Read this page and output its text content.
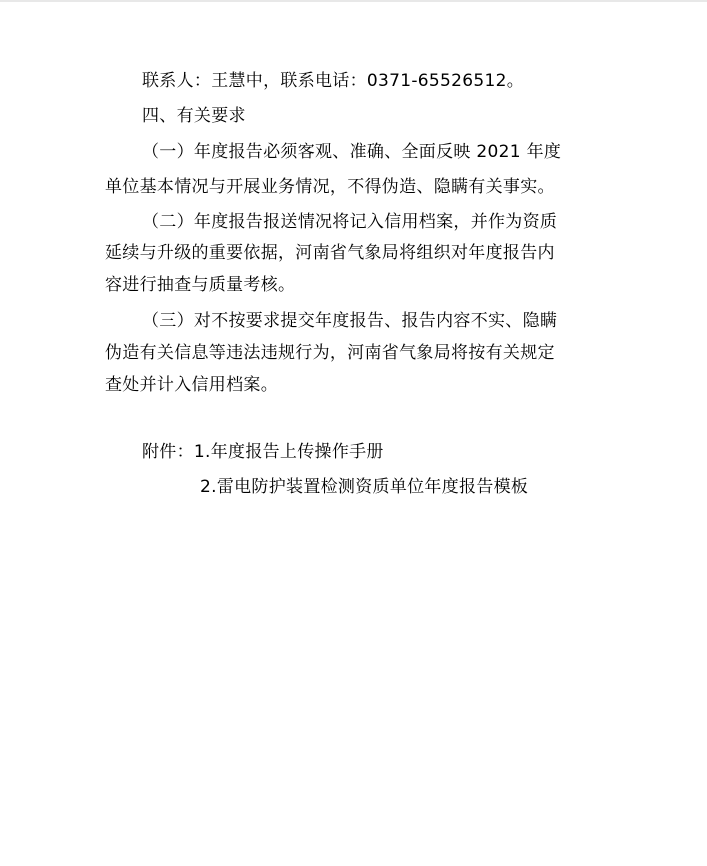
联系人：王慧中，联系电话：0371-65526512。
四、有关要求
（一）年度报告必须客观、准确、全面反映 2021 年度
单位基本情况与开展业务情况，不得伪造、隐瞒有关事实。
（二）年度报告报送情况将记入信用档案，并作为资质
延续与升级的重要依据，河南省气象局将组织对年度报告内
容进行抽查与质量考核。
（三）对不按要求提交年度报告、报告内容不实、隐瞒
伪造有关信息等违法违规行为，河南省气象局将按有关规定
查处并计入信用档案。
附件：1.年度报告上传操作手册
2.雷电防护装置检测资质单位年度报告模板
